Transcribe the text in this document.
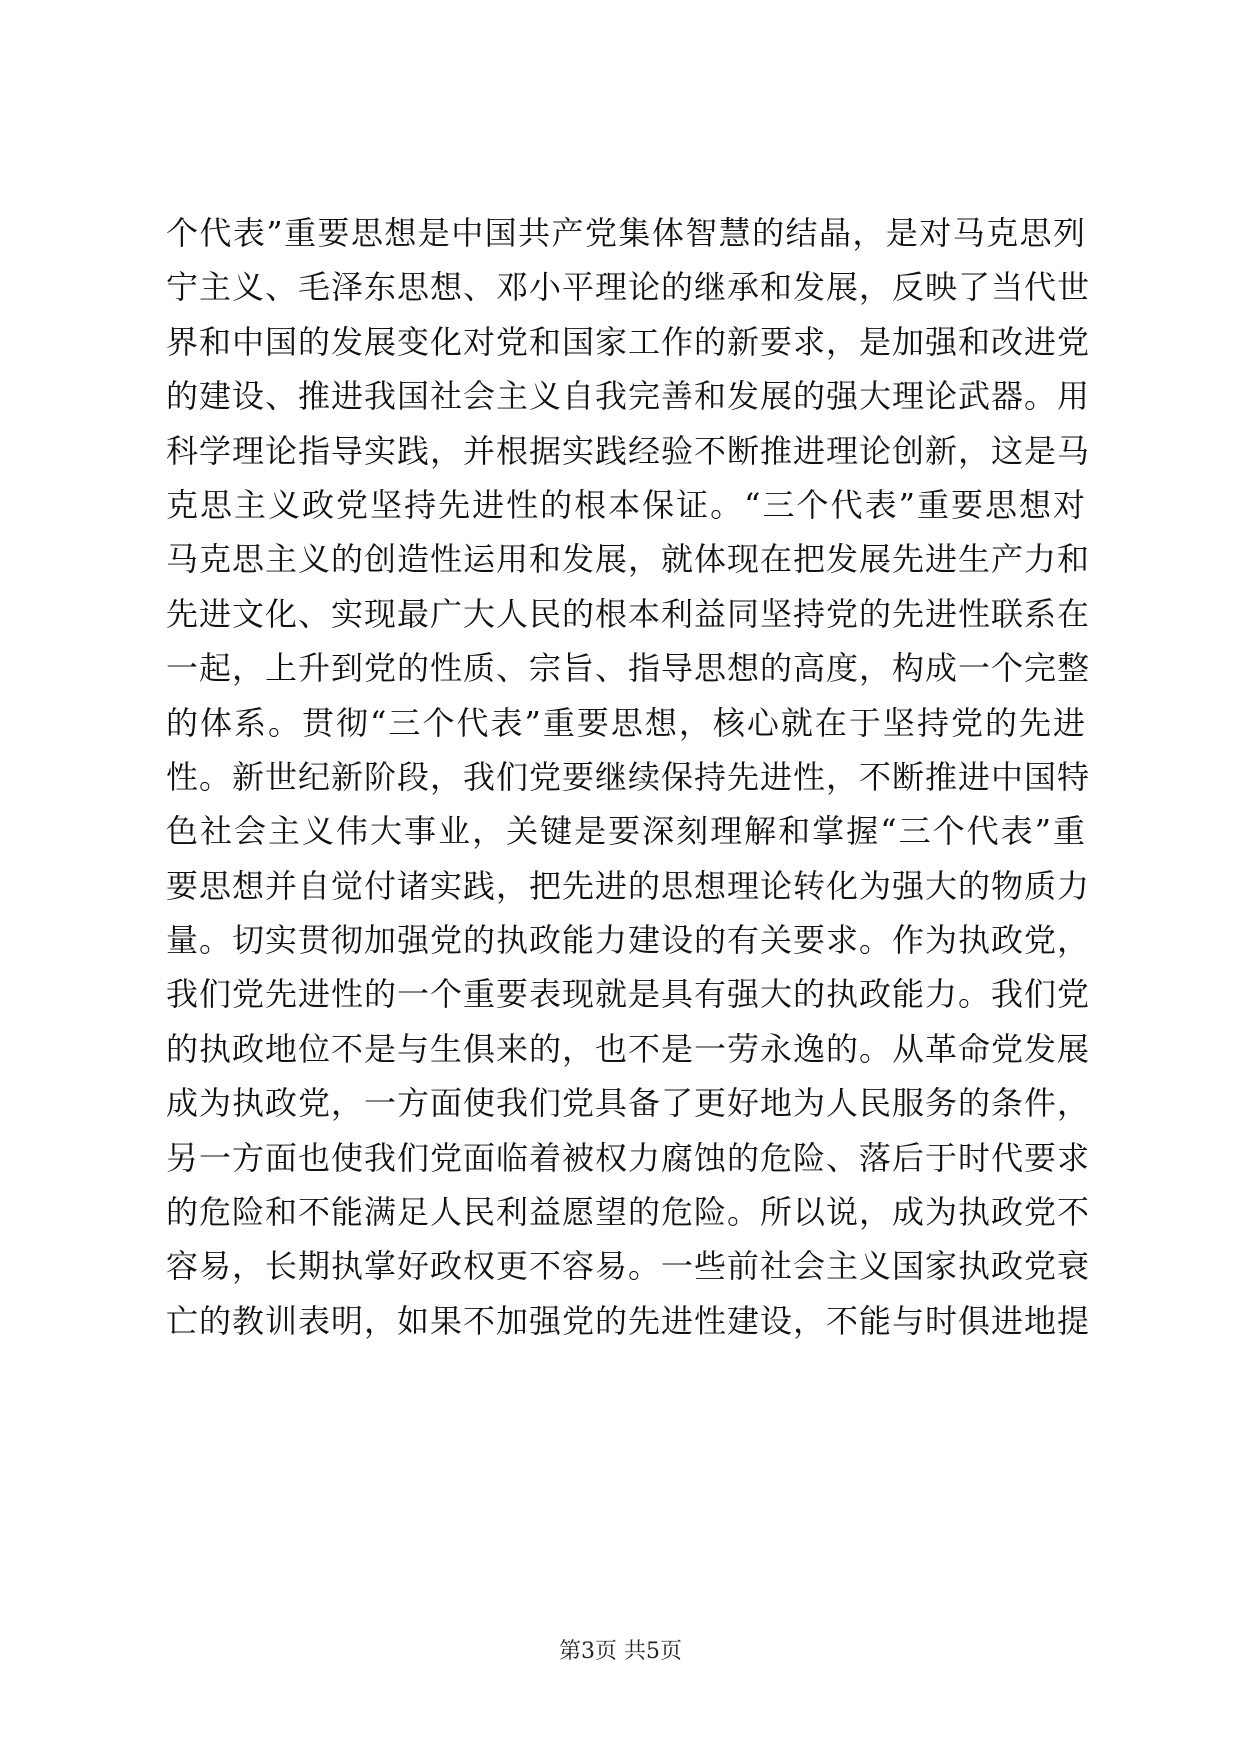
个代表”重要思想是中国共产党集体智慧的结晶，是对马克思列
宁主义、毛泽东思想、邓小平理论的继承和发展，反映了当代世
界和中国的发展变化对党和国家工作的新要求，是加强和改进党
的建设、推进我国社会主义自我完善和发展的强大理论武器。用
科学理论指导实践，并根据实践经验不断推进理论创新，这是马
克思主义政党坚持先进性的根本保证。“三个代表”重要思想对
马克思主义的创造性运用和发展，就体现在把发展先进生产力和
先进文化、实现最广大人民的根本利益同坚持党的先进性联系在
一起，上升到党的性质、宗旨、指导思想的高度，构成一个完整
的体系。贯彻“三个代表”重要思想，核心就在于坚持党的先进
性。新世纪新阶段，我们党要继续保持先进性，不断推进中国特
色社会主义伟大事业，关键是要深刻理解和掌握“三个代表”重
要思想并自觉付诸实践，把先进的思想理论转化为强大的物质力
量。切实贯彻加强党的执政能力建设的有关要求。作为执政党，
我们党先进性的一个重要表现就是具有强大的执政能力。我们党
的执政地位不是与生俱来的，也不是一劳永逸的。从革命党发展
成为执政党，一方面使我们党具备了更好地为人民服务的条件，
另一方面也使我们党面临着被权力腐蚀的危险、落后于时代要求
的危险和不能满足人民利益愿望的危险。所以说，成为执政党不
容易，长期执掌好政权更不容易。一些前社会主义国家执政党衰
亡的教训表明，如果不加强党的先进性建设，不能与时俱进地提
第3页 共5页
